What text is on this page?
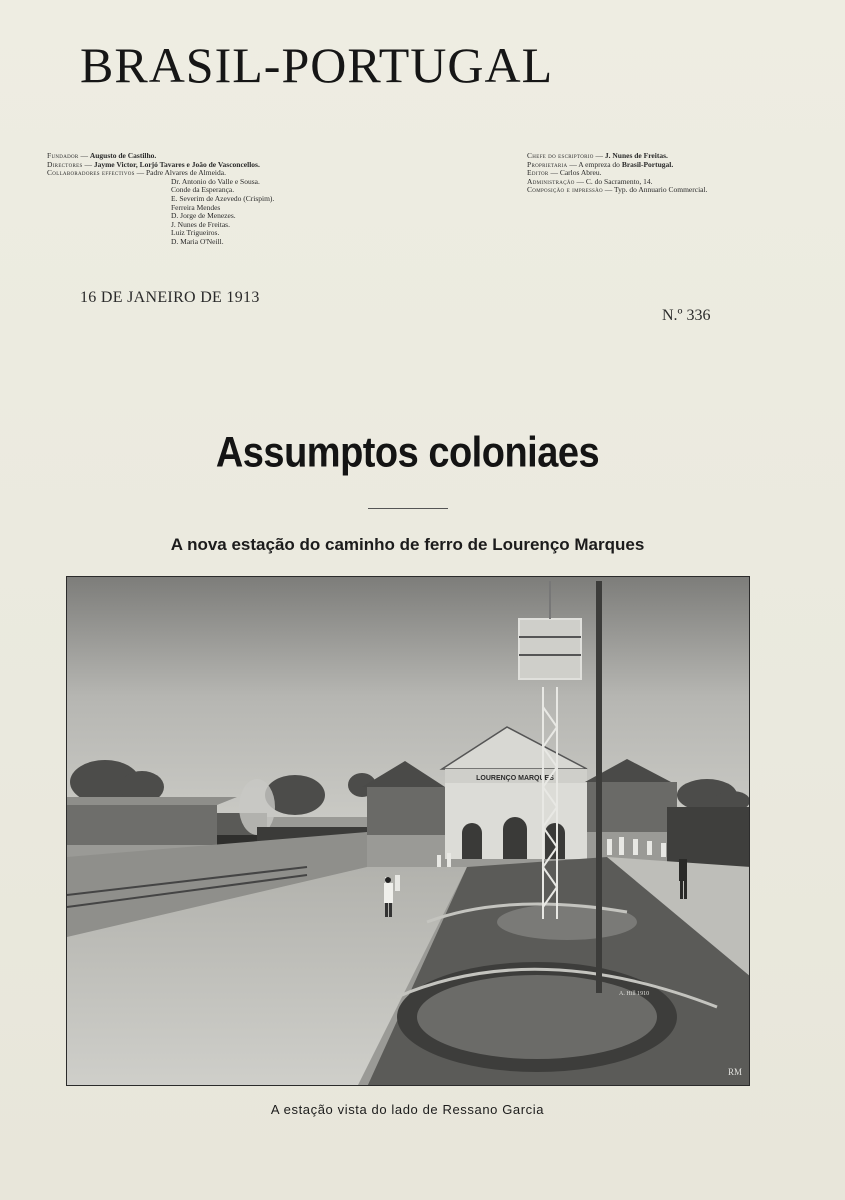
BRASIL-PORTUGAL
Fundador — Augusto de Castilho.
Directores — Jayme Victor, Lorjó Tavares e João de Vasconcellos.
Collaboradores effectivos — Padre Alvares de Almeida.
Dr. Antonio do Valle e Sousa.
Conde da Esperança.
E. Severim de Azevedo (Crispim).
Ferreira Mendes
D. Jorge de Menezes.
J. Nunes de Freitas.
Luiz Trigueiros.
D. Maria O'Neill.
Chefe do escriptorio — J. Nunes de Freitas.
Proprietaria — A empreza do Brasil-Portugal.
Editor — Carlos Abreu.
Administração — C. do Sacramento, 14.
Composição e impressão — Typ. do Annuario Commercial.
16 DE JANEIRO DE 1913
N.º 336
Assumptos coloniaes
A nova estação do caminho de ferro de Lourenço Marques
LOURENÇO MARQUES
A. Hill 1910
RM
A estação vista do lado de Ressano Garcia
